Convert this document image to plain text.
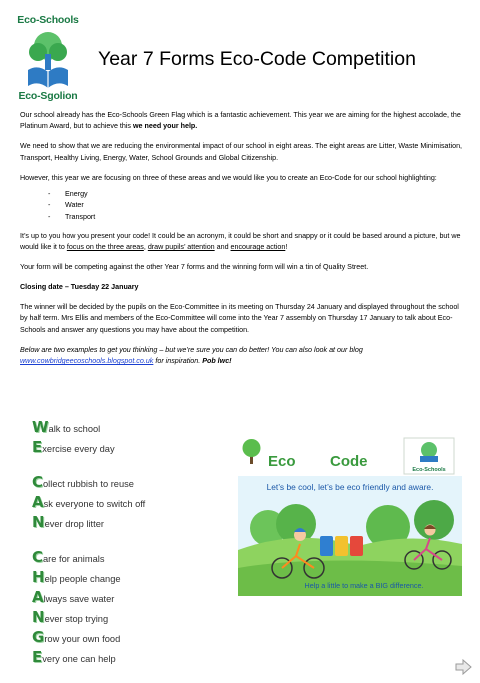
Eco-Schools
Eco-Sgolion
Year 7 Forms Eco-Code Competition

Our school already has the Eco-Schools Green Flag which is a fantastic achievement. This year we are aiming for the highest accolade, the Platinum Award, but to achieve this we need your help.

We need to show that we are reducing the environmental impact of our school in eight areas. The eight areas are Litter, Waste Minimisation, Transport, Healthy Living, Energy, Water, School Grounds and Global Citizenship.

However, this year we are focusing on three of these areas and we would like you to create an Eco-Code for our school highlighting:

- Energy
- Water
- Transport

It’s up to you how you present your code! It could be an acronym, it could be short and snappy or it could be based around a picture, but we would like it to focus on the three areas, draw pupils’ attention and encourage action!

Your form will be competing against the other Year 7 forms and the winning form will win a tin of Quality Street.

Closing date – Tuesday 22 January

The winner will be decided by the pupils on the Eco-Committee in its meeting on Thursday 24 January and displayed throughout the school by half term. Mrs Ellis and members of the Eco-Committee will come into the Year 7 assembly on Thursday 17 January to talk about Eco-Schools and answer any questions you may have about the competition.

Below are two examples to get you thinking – but we’re sure you can do better! You can also look at our blog www.cowbridgeecoschools.blogspot.co.uk for inspiration. Pob lwc!

Walk to school
Exercise every day
Collect rubbish to reuse
Ask everyone to switch off
Never drop litter
Care for animals
Help people change
Always save water
Never stop trying
Grow your own food
Every one can help
Eco Code	Eco-Schools
Let’s be cool, let’s be eco friendly and aware.
Help a little to make a BIG difference.
